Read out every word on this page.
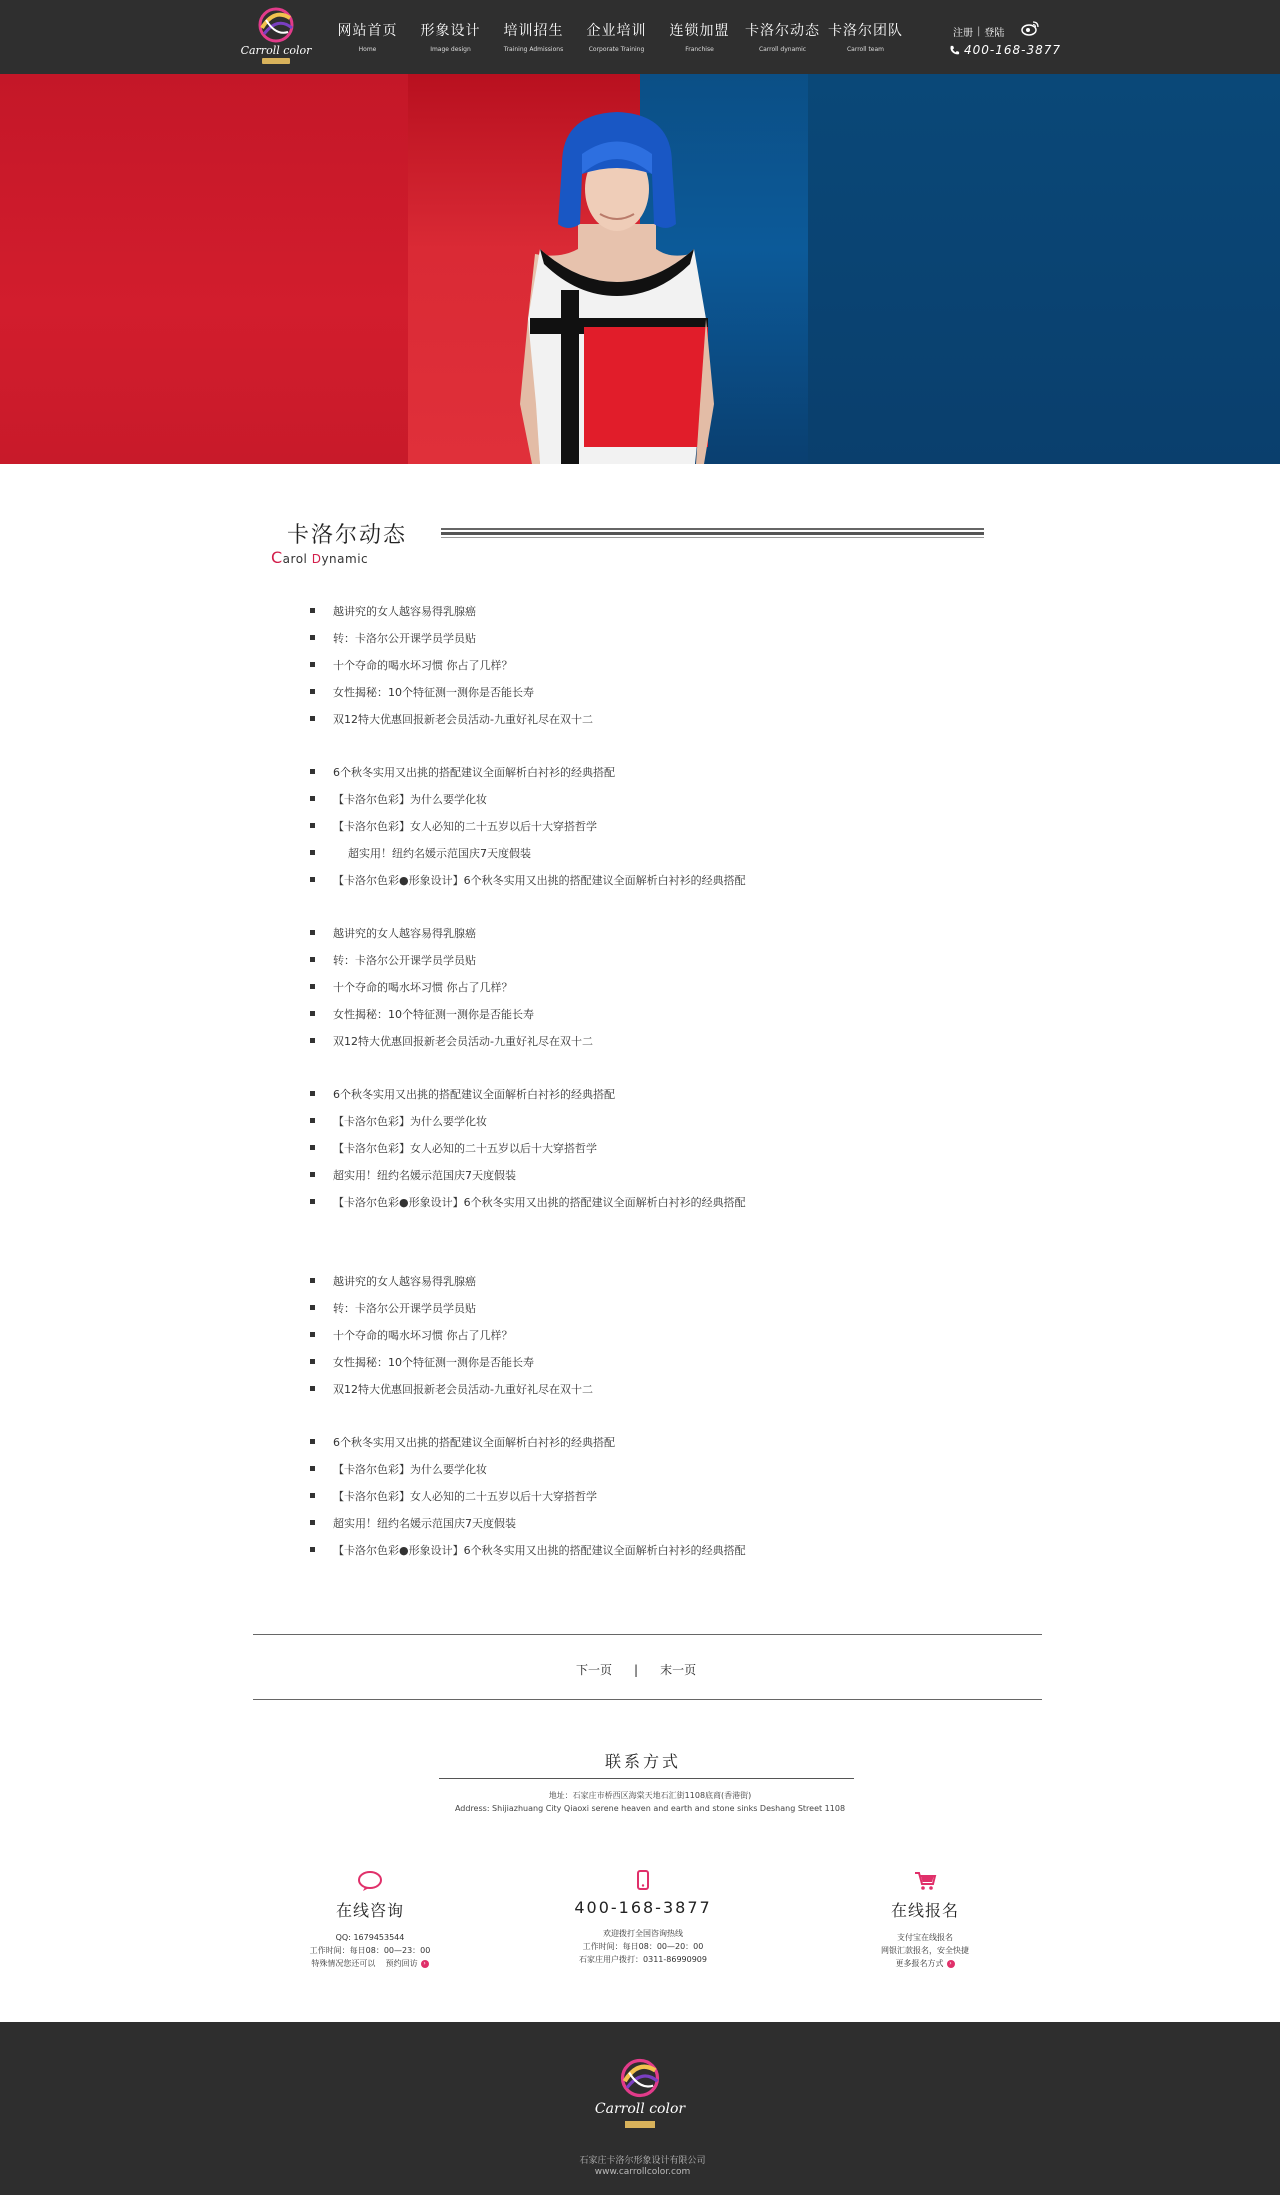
Carroll color
网站首页
Home
形象设计
Image design
培训招生
Training Admissions
企业培训
Corporate Training
连锁加盟
Franchise
卡洛尔动态
Carroll dynamic
卡洛尔团队
Carroll team
注册 | 登陆
400-168-3877
卡洛尔动态
Carol Dynamic
越讲究的女人越容易得乳腺癌
转：卡洛尔公开课学员学员贴
十个夺命的喝水坏习惯 你占了几样？
女性揭秘：10个特征测一测你是否能长寿
双12特大优惠回报新老会员活动-九重好礼尽在双十二
6个秋冬实用又出挑的搭配建议全面解析白衬衫的经典搭配
【卡洛尔色彩】为什么要学化妆
【卡洛尔色彩】女人必知的二十五岁以后十大穿搭哲学
超实用！纽约名媛示范国庆7天度假装
【卡洛尔色彩●形象设计】6个秋冬实用又出挑的搭配建议全面解析白衬衫的经典搭配
越讲究的女人越容易得乳腺癌
转：卡洛尔公开课学员学员贴
十个夺命的喝水坏习惯 你占了几样？
女性揭秘：10个特征测一测你是否能长寿
双12特大优惠回报新老会员活动-九重好礼尽在双十二
6个秋冬实用又出挑的搭配建议全面解析白衬衫的经典搭配
【卡洛尔色彩】为什么要学化妆
【卡洛尔色彩】女人必知的二十五岁以后十大穿搭哲学
超实用！纽约名媛示范国庆7天度假装
【卡洛尔色彩●形象设计】6个秋冬实用又出挑的搭配建议全面解析白衬衫的经典搭配
越讲究的女人越容易得乳腺癌
转：卡洛尔公开课学员学员贴
十个夺命的喝水坏习惯 你占了几样？
女性揭秘：10个特征测一测你是否能长寿
双12特大优惠回报新老会员活动-九重好礼尽在双十二
6个秋冬实用又出挑的搭配建议全面解析白衬衫的经典搭配
【卡洛尔色彩】为什么要学化妆
【卡洛尔色彩】女人必知的二十五岁以后十大穿搭哲学
超实用！纽约名媛示范国庆7天度假装
【卡洛尔色彩●形象设计】6个秋冬实用又出挑的搭配建议全面解析白衬衫的经典搭配
下一页 | 末一页
联系方式
地址：石家庄市桥西区海棠天地石汇街1108底商(香港街)
Address: Shijiazhuang City Qiaoxi serene heaven and earth and stone sinks Deshang Street 1108
在线咨询
QQ: 1679453544
工作时间：每日08：00—23：00
特殊情况您还可以 预约回访 ›
400-168-3877
欢迎拨打全国咨询热线
工作时间：每日08：00—20：00
石家庄用户拨打：0311-86990909
在线报名
支付宝在线报名
网银汇款报名，安全快捷
更多报名方式 ›
Carroll color
石家庄卡洛尔形象设计有限公司
www.carrollcolor.com
